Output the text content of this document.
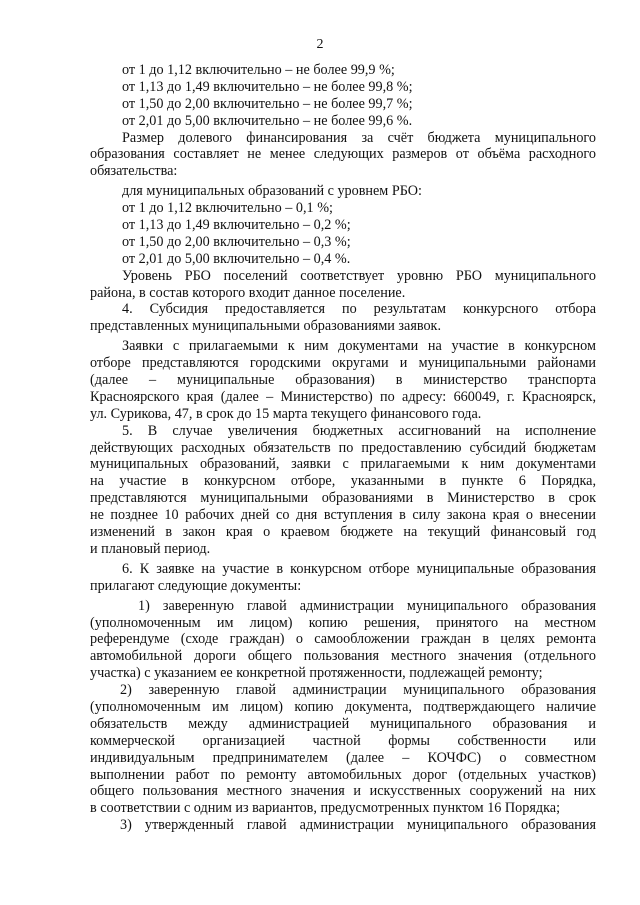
2
от 1 до 1,12 включительно – не более 99,9 %;
от 1,13 до 1,49 включительно – не более 99,8 %;
от 1,50 до 2,00 включительно – не более 99,7 %;
от 2,01 до 5,00 включительно – не более 99,6 %.
Размер долевого финансирования за счёт бюджета муниципального
образования составляет не менее следующих размеров от объёма расходного
обязательства:
для муниципальных образований с уровнем РБО:
от 1 до 1,12 включительно – 0,1 %;
от 1,13 до 1,49 включительно – 0,2 %;
от 1,50 до 2,00 включительно – 0,3 %;
от 2,01 до 5,00 включительно – 0,4 %.
Уровень РБО поселений соответствует уровню РБО муниципального
района, в состав которого входит данное поселение.
4. Субсидия предоставляется по результатам конкурсного отбора
представленных муниципальными образованиями заявок.
Заявки с прилагаемыми к ним документами на участие в конкурсном
отборе представляются городскими округами и муниципальными районами
(далее – муниципальные образования) в министерство транспорта
Красноярского края (далее – Министерство) по адресу: 660049, г. Красноярск,
ул. Сурикова, 47, в срок до 15 марта текущего финансового года.
5. В случае увеличения бюджетных ассигнований на исполнение
действующих расходных обязательств по предоставлению субсидий бюджетам
муниципальных образований, заявки с прилагаемыми к ним документами
на участие в конкурсном отборе, указанными в пункте 6 Порядка,
представляются муниципальными образованиями в Министерство в срок
не позднее 10 рабочих дней со дня вступления в силу закона края о внесении
изменений в закон края о краевом бюджете на текущий финансовый год
и плановый период.
6. К заявке на участие в конкурсном отборе муниципальные образования
прилагают следующие документы:
1) заверенную главой администрации муниципального образования
(уполномоченным им лицом) копию решения, принятого на местном
референдуме (сходе граждан) о самообложении граждан в целях ремонта
автомобильной дороги общего пользования местного значения (отдельного
участка) с указанием ее конкретной протяженности, подлежащей ремонту;
2) заверенную главой администрации муниципального образования
(уполномоченным им лицом) копию документа, подтверждающего наличие
обязательств между администрацией муниципального образования и
коммерческой организацией частной формы собственности или
индивидуальным предпринимателем (далее – КОЧФС) о совместном
выполнении работ по ремонту автомобильных дорог (отдельных участков)
общего пользования местного значения и искусственных сооружений на них
в соответствии с одним из вариантов, предусмотренных пунктом 16 Порядка;
3) утвержденный главой администрации муниципального образования
